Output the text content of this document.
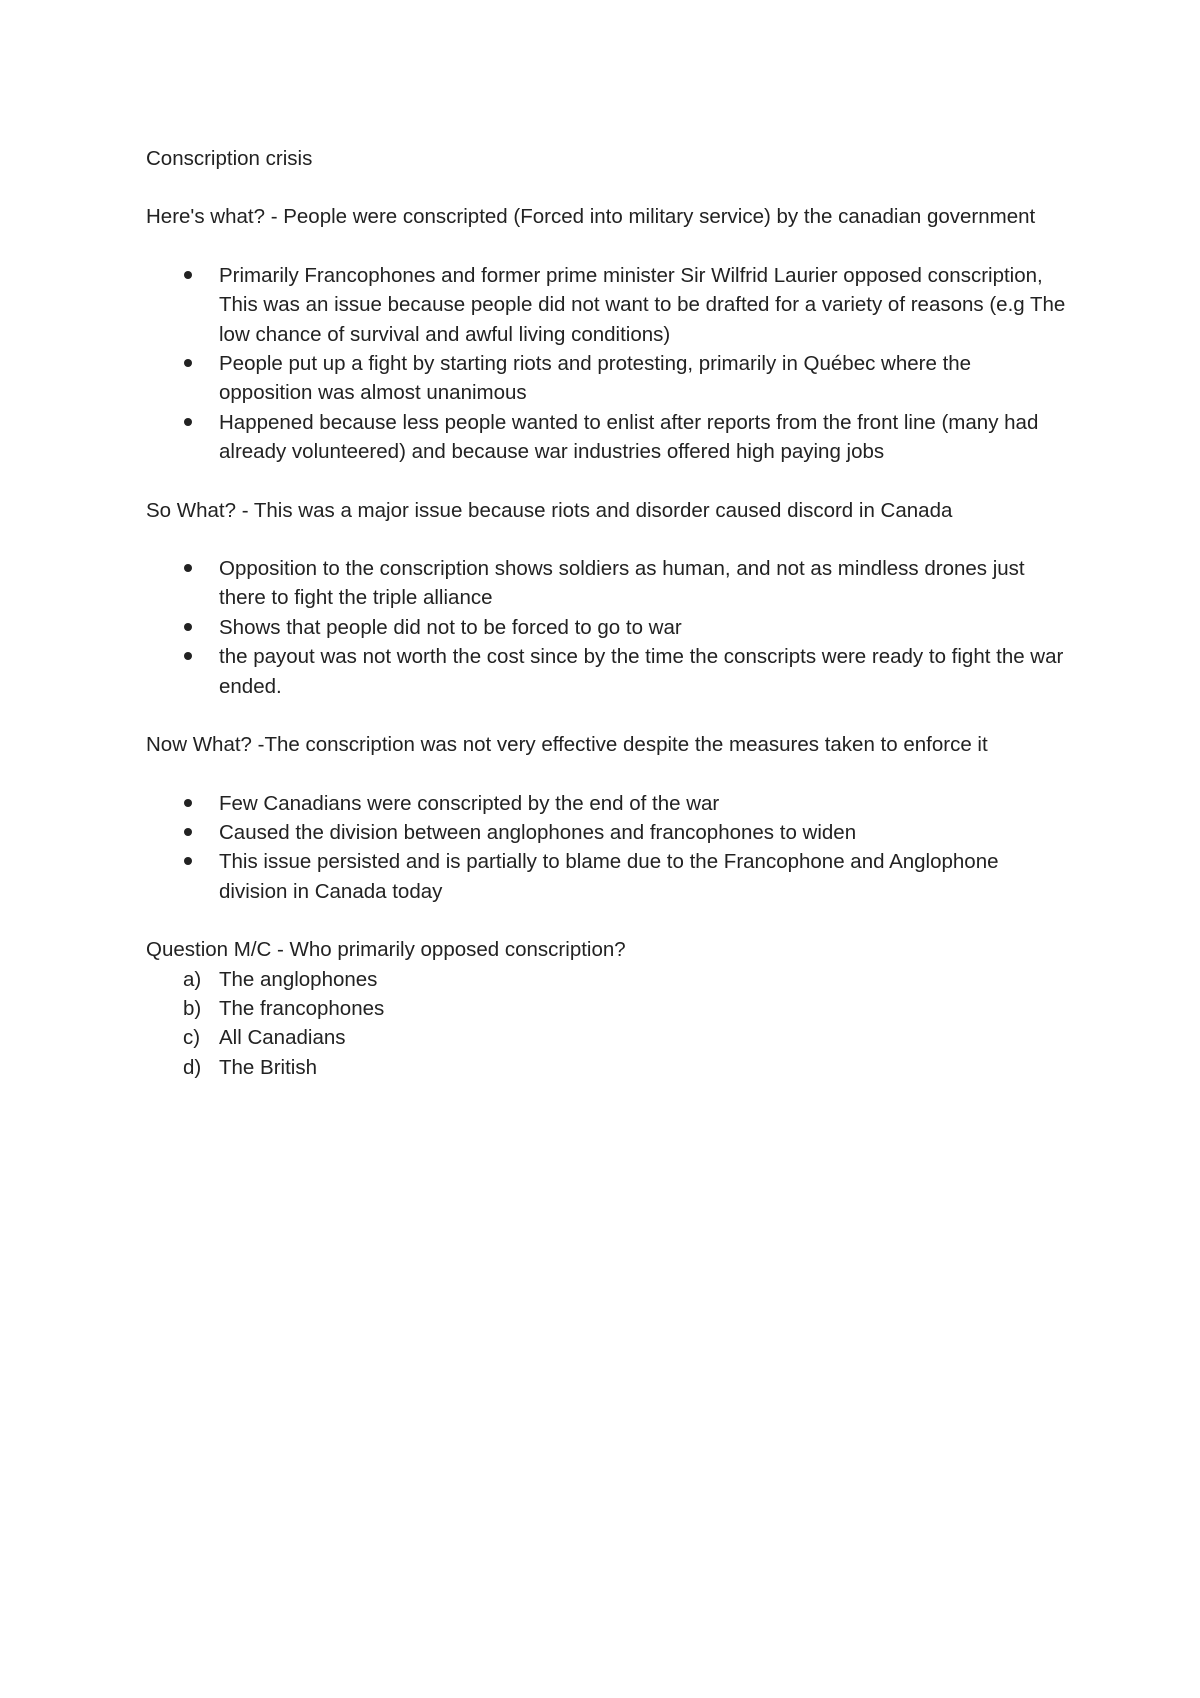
Conscription crisis

Here's what? - People were conscripted (Forced into military service) by the canadian government

Primarily Francophones and former prime minister Sir Wilfrid Laurier opposed conscription, This was an issue because people did not want to be drafted for a variety of reasons (e.g The low chance of survival and awful living conditions)
People put up a fight by starting riots and protesting, primarily in Québec where the opposition was almost unanimous
Happened because less people wanted to enlist after reports from the front line (many had already volunteered) and because war industries offered high paying jobs

So What? - This was a major issue because riots and disorder caused discord in Canada

Opposition to the conscription shows soldiers as human, and not as mindless drones just there to fight the triple alliance
Shows that people did not to be forced to go to war
the payout was not worth the cost since by the time the conscripts were ready to fight the war ended.

Now What? -The conscription was not very effective despite the measures taken to enforce it

Few Canadians were conscripted by the end of the war
Caused the division between anglophones and francophones to widen
This issue persisted and is partially to blame due to the Francophone and Anglophone division in Canada today

Question M/C - Who primarily opposed conscription?

a) The anglophones
b) The francophones
c) All Canadians
d) The British
